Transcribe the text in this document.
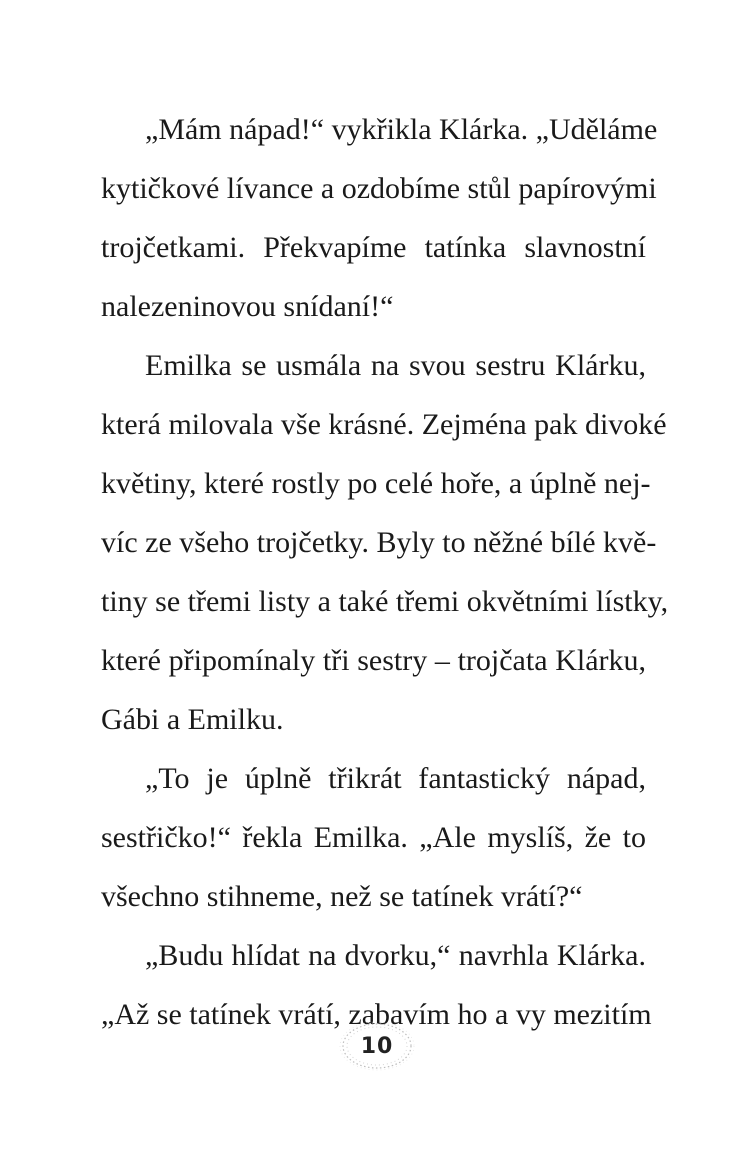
„Mám nápad!“ vykřikla Klárka. „Uděláme
kytičkové lívance a ozdobíme stůl papírovými
trojčetkami. Překvapíme tatínka slavnostní
nalezeninovou snídaní!“
Emilka se usmála na svou sestru Klárku,
která milovala vše krásné. Zejména pak divoké
květiny, které rostly po celé hoře, a úplně nej-
víc ze všeho trojčetky. Byly to něžné bílé kvě-
tiny se třemi listy a také třemi okvětními lístky,
které připomínaly tři sestry – trojčata Klárku,
Gábi a Emilku.
„To je úplně třikrát fantastický nápad,
sestřičko!“ řekla Emilka. „Ale myslíš, že to
všechno stihneme, než se tatínek vrátí?“
„Budu hlídat na dvorku,“ navrhla Klárka.
„Až se tatínek vrátí, zabavím ho a vy mezitím
10
